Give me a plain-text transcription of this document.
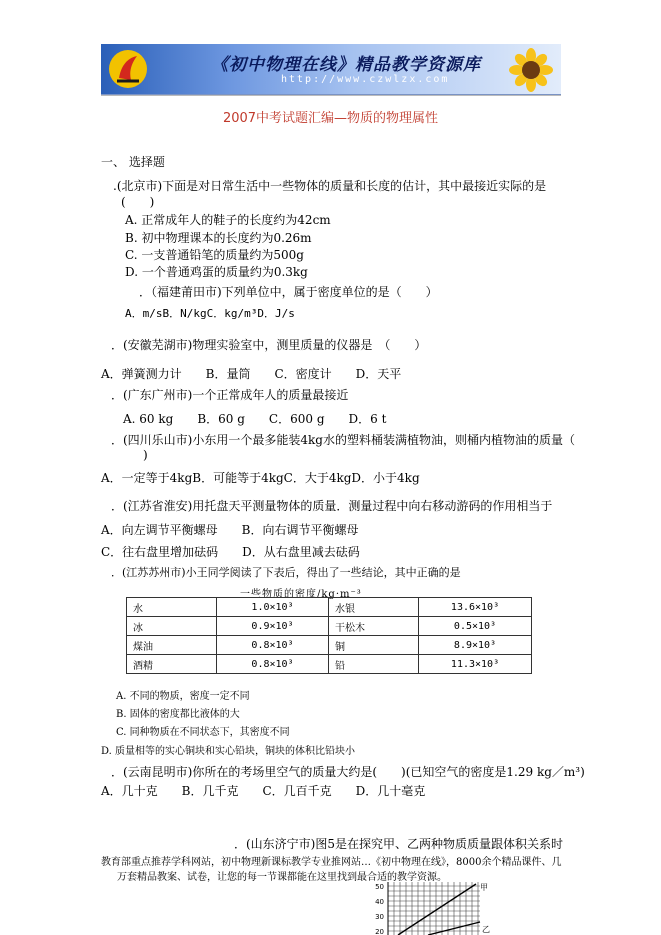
《初中物理在线》精品教学资源库
http://www.czwlzx.com
2007中考试题汇编—物质的物理属性
一、 选择题
.(北京市)下面是对日常生活中一些物体的质量和长度的估计，其中最接近实际的是
(　　)
A. 正常成年人的鞋子的长度约为42cm
B. 初中物理课本的长度约为0.26m
C. 一支普通铅笔的质量约为500g
D. 一个普通鸡蛋的质量约为0.3kg
．（福建莆田市)下列单位中，属于密度单位的是（　　）
A．m/sB．N/kgC．kg/m³D．J/s
．(安徽芜湖市)物理实验室中，测里质量的仪器是　（　　）
A．弹簧测力计　　B．量筒　　C．密度计　　D．天平
．(广东广州市)一个正常成年人的质量最接近
A. 60 kg　　B．60 g　　C．600 g　　D．6 t
．(四川乐山市)小东用一个最多能装4kg水的塑料桶装满植物油，则桶内植物油的质量（
)
A．一定等于4kgB．可能等于4kgC．大于4kgD．小于4kg
．(江苏省淮安)用托盘天平测量物体的质量．测量过程中向右移动游码的作用相当于
A．向左调节平衡螺母　　B．向右调节平衡螺母
C．往右盘里增加砝码　　D．从右盘里减去砝码
．(江苏苏州市)小王同学阅读了下表后，得出了一些结论，其中正确的是
一些物质的密度/kg·m⁻³
水	1.0×10³	水银	13.6×10³
冰	0.9×10³	干松木	0.5×10³
煤油	0.8×10³	铜	8.9×10³
酒精	0.8×10³	铅	11.3×10³
A. 不同的物质，密度一定不同
B. 固体的密度都比液体的大
C. 同种物质在不同状态下，其密度不同
D. 质量相等的实心铜块和实心铅块，铜块的体积比铅块小
．(云南昆明市)你所在的考场里空气的质量大约是(　　)(已知空气的密度是1.29 kg／m³)
A．几十克　　B．几千克　　C．几百千克　　D．几十毫克
．(山东济宁市)图5是在探究甲、乙两种物质质量跟体积关系时
教育部重点推荐学科网站，初中物理新课标教学专业推网站…《初中物理在线》，8000余个精品课件、几
万套精品教案、试卷，让您的每一节课都能在这里找到最合适的教学资源。
50
40
30
20
甲
乙
